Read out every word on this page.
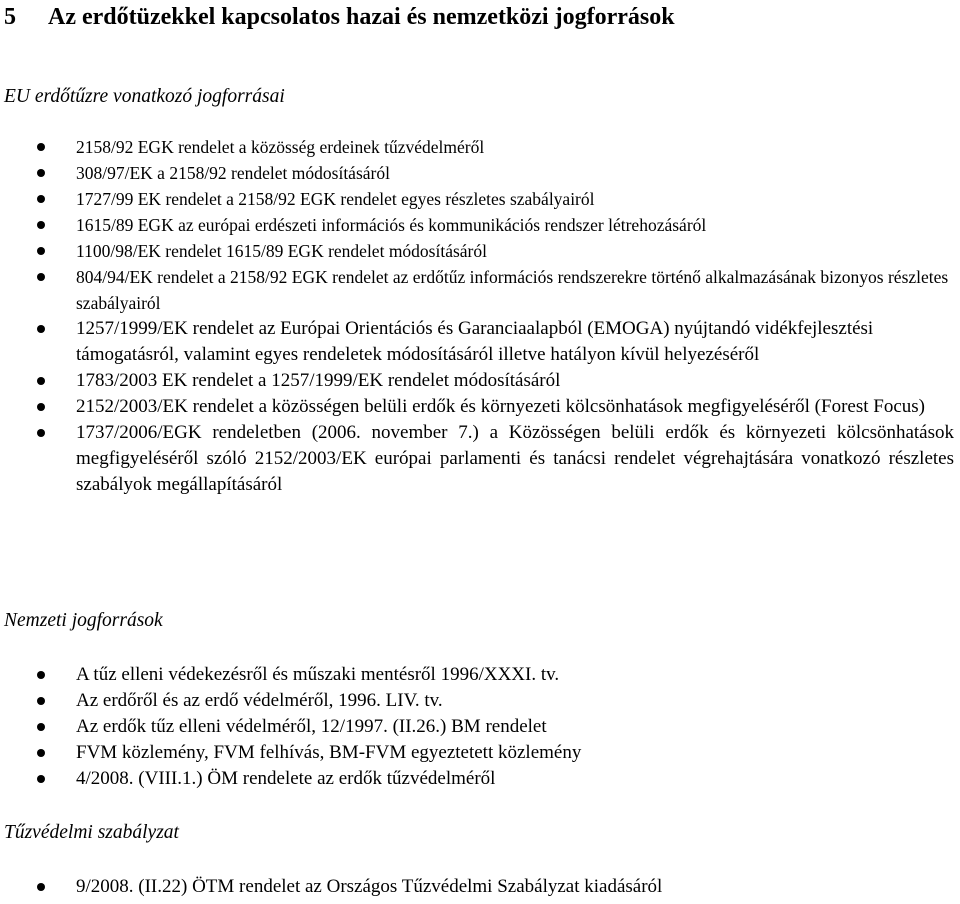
5 Az erdőtüzekkel kapcsolatos hazai és nemzetközi jogforrások
EU erdőtűzre vonatkozó jogforrásai
2158/92 EGK rendelet a közösség erdeinek tűzvédelméről
308/97/EK a 2158/92 rendelet módosításáról
1727/99 EK rendelet a 2158/92 EGK rendelet egyes részletes szabályairól
1615/89 EGK az európai erdészeti információs és kommunikációs rendszer létrehozásáról
1100/98/EK rendelet 1615/89 EGK rendelet módosításáról
804/94/EK rendelet a 2158/92 EGK rendelet az erdőtűz információs rendszerekre történő alkalmazásának bizonyos részletes szabályairól
1257/1999/EK rendelet az Európai Orientációs és Garanciaalapból (EMOGA) nyújtandó vidékfejlesztési támogatásról, valamint egyes rendeletek módosításáról illetve hatályon kívül helyezéséről
1783/2003 EK rendelet a 1257/1999/EK rendelet módosításáról
2152/2003/EK rendelet a közösségen belüli erdők és környezeti kölcsönhatások megfigyeléséről (Forest Focus)
1737/2006/EGK rendeletben (2006. november 7.) a Közösségen belüli erdők és környezeti kölcsönhatások megfigyeléséről szóló 2152/2003/EK európai parlamenti és tanácsi rendelet végrehajtására vonatkozó részletes szabályok megállapításáról
Nemzeti jogforrások
A tűz elleni védekezésről és műszaki mentésről 1996/XXXI. tv.
Az erdőről és az erdő védelméről, 1996. LIV. tv.
Az erdők tűz elleni védelméről, 12/1997. (II.26.) BM rendelet
FVM közlemény, FVM felhívás, BM-FVM egyeztetett közlemény
4/2008. (VIII.1.) ÖM rendelete az erdők tűzvédelméről
Tűzvédelmi szabályzat
9/2008. (II.22) ÖTM rendelet az Országos Tűzvédelmi Szabályzat kiadásáról
